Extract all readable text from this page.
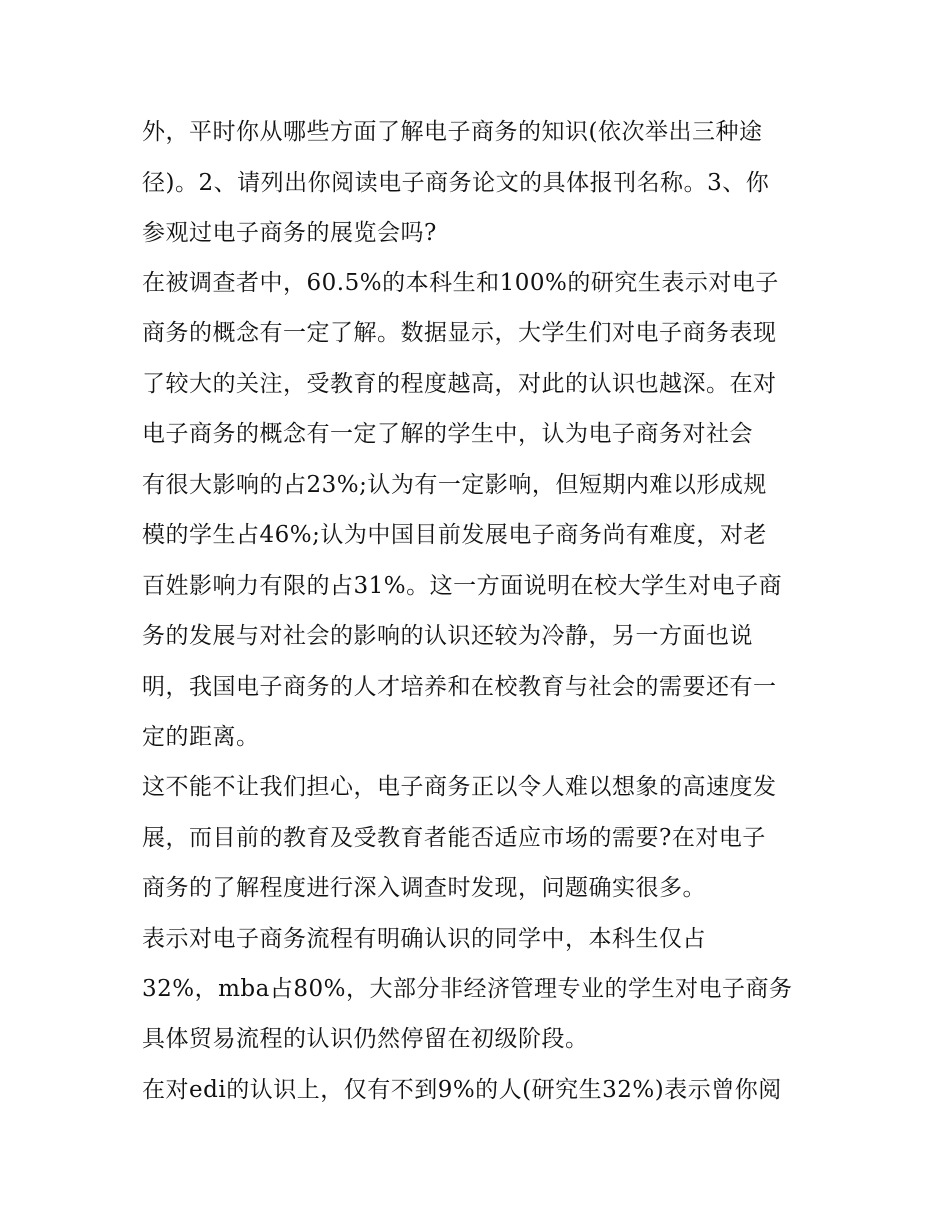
外，平时你从哪些方面了解电子商务的知识(依次举出三种途

径)。2、请列出你阅读电子商务论文的具体报刊名称。3、你

参观过电子商务的展览会吗?

在被调查者中，60.5%的本科生和100%的研究生表示对电子

商务的概念有一定了解。数据显示，大学生们对电子商务表现

了较大的关注，受教育的程度越高，对此的认识也越深。在对

电子商务的概念有一定了解的学生中，认为电子商务对社会

有很大影响的占23%;认为有一定影响，但短期内难以形成规

模的学生占46%;认为中国目前发展电子商务尚有难度，对老

百姓影响力有限的占31%。这一方面说明在校大学生对电子商

务的发展与对社会的影响的认识还较为冷静，另一方面也说

明，我国电子商务的人才培养和在校教育与社会的需要还有一

定的距离。

这不能不让我们担心，电子商务正以令人难以想象的高速度发

展，而目前的教育及受教育者能否适应市场的需要?在对电子

商务的了解程度进行深入调查时发现，问题确实很多。

表示对电子商务流程有明确认识的同学中，本科生仅占

32%，mba占80%，大部分非经济管理专业的学生对电子商务

具体贸易流程的认识仍然停留在初级阶段。

在对edi的认识上，仅有不到9%的人(研究生32%)表示曾你阅
